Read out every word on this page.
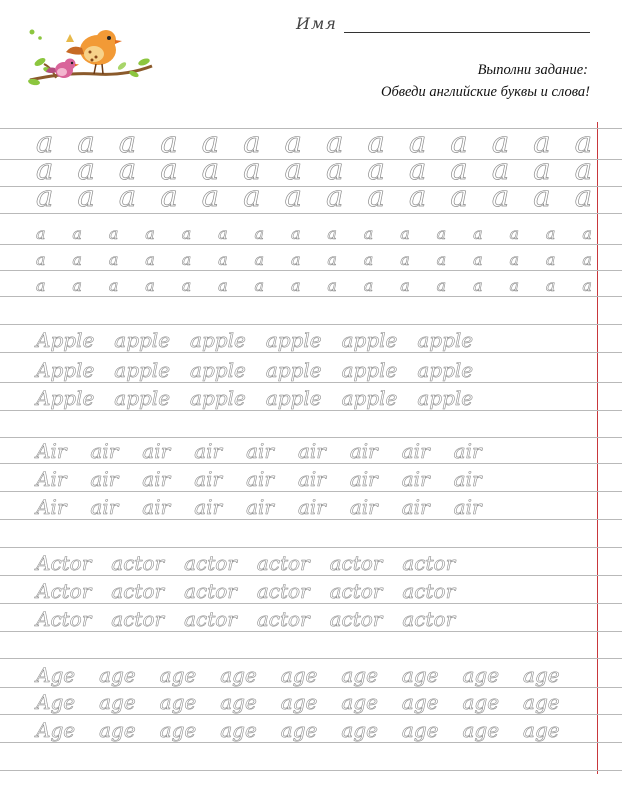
Имя
Выполни задание:
Обведи английские буквы и слова!
a a a a a a a a a a a a a a
a a a a a a a a a a a a a a
a a a a a a a a a a a a a a
a a a a a a a a a a a a a a a a
a a a a a a a a a a a a a a a a
a a a a a a a a a a a a a a a a
Apple apple apple apple apple apple
Apple apple apple apple apple apple
Apple apple apple apple apple apple
Air air air air air air air air air
Air air air air air air air air air
Air air air air air air air air air
Actor actor actor actor actor actor
Actor actor actor actor actor actor
Actor actor actor actor actor actor
Age age age age age age age age age
Age age age age age age age age age
Age age age age age age age age age
